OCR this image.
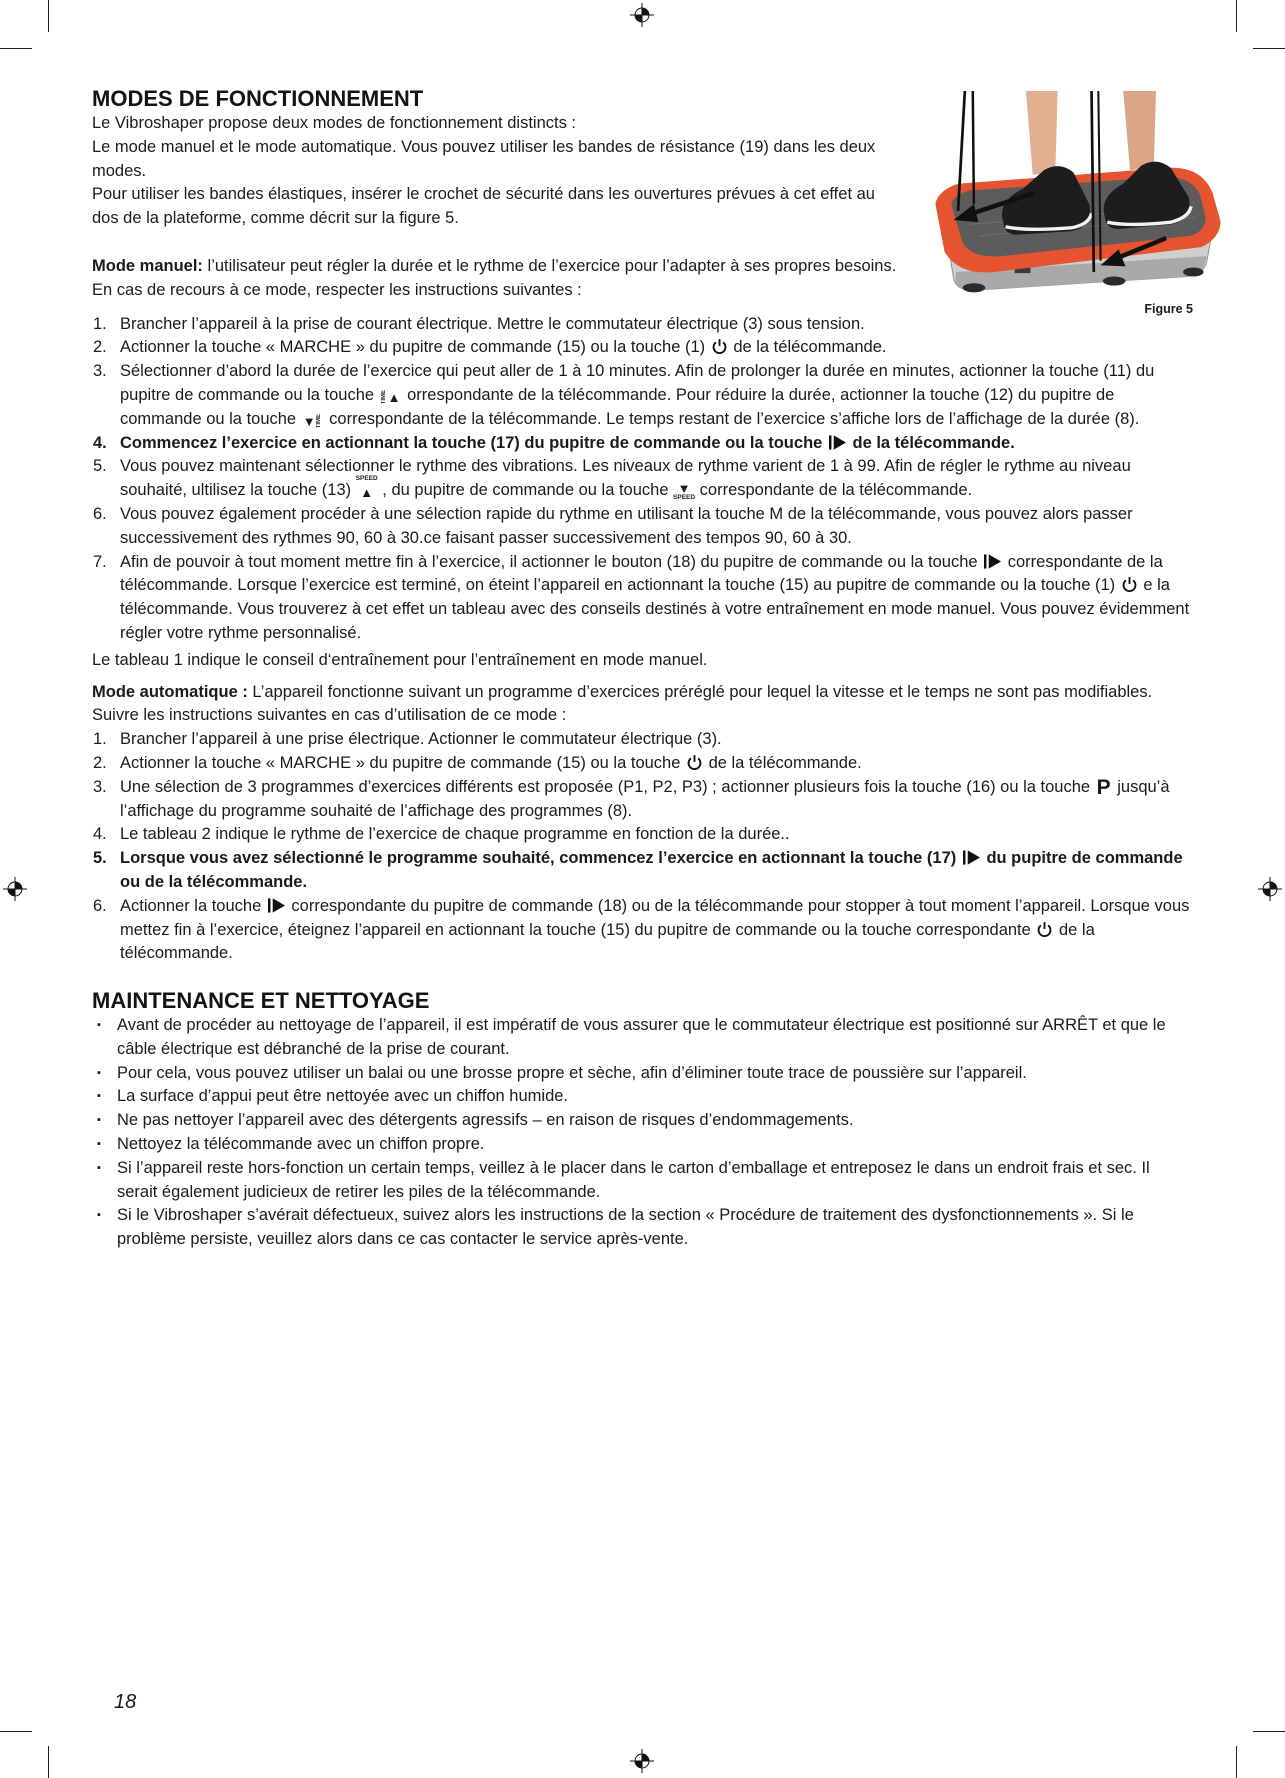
Figure 5
MODES DE FONCTIONNEMENT

Le Vibroshaper propose deux modes de fonctionnement distincts :

Le mode manuel et le mode automatique. Vous pouvez utiliser les bandes de résistance (19) dans les deux modes.

Pour utiliser les bandes élastiques, insérer le crochet de sécurité dans les ouvertures prévues à cet effet au dos de la plateforme, comme décrit sur la figure 5.

Mode manuel: l’utilisateur peut régler la durée et le rythme de l’exercice pour l’adapter à ses propres besoins. En cas de recours à ce mode, respecter les instructions suivantes :

1. Brancher l’appareil à la prise de courant électrique. Mettre le commutateur électrique (3) sous tension.
2. Actionner la touche « MARCHE » du pupitre de commande (15) ou la touche (1)
de la télécommande.
3. Sélectionner d’abord la durée de l’exercice qui peut aller de 1 à 10 minutes. Afin de prolonger la durée en minutes, actionner la touche (11) du pupitre de commande ou la touche TIME▲ orrespondante de la télécommande. Pour réduire la durée, actionner la touche (12) du pupitre de commande ou la touche ▼TIME correspondante de la télécommande. Le temps restant de l’exercice s’affiche lors de l’affichage de la durée (8).
4. Commencez l’exercice en actionnant la touche (17) du pupitre de commande ou la touche
de la télécommande.
5. Vous pouvez maintenant sélectionner le rythme des vibrations. Les niveaux de rythme varient de 1 à 99. Afin de régler le rythme au niveau souhaité, ultilisez la touche (13)
SPEED
▲ , du pupitre de commande ou la touche ▼
SPEED correspondante de la télécommande.
6. Vous pouvez également procéder à une sélection rapide du rythme en utilisant la touche M de la télécommande, vous pouvez alors passer successivement des rythmes 90, 60 à 30.ce faisant passer successivement des tempos 90, 60 à 30.
7. Afin de pouvoir à tout moment mettre fin à l’exercice, il actionner le bouton (18) du pupitre de commande ou la touche
correspondante de la télécommande. Lorsque l’exercice est terminé, on éteint l’appareil en actionnant la touche (15) au pupitre de commande ou la touche (1)
e la télécommande. Vous trouverez à cet effet un tableau avec des conseils destinés à votre entraînement en mode manuel. Vous pouvez évidemment régler votre rythme personnalisé.

Le tableau 1 indique le conseil d‘entraînement pour l’entraînement en mode manuel.

Mode automatique : L’appareil fonctionne suivant un programme d’exercices préréglé pour lequel la vitesse et le temps ne sont pas modifiables. Suivre les instructions suivantes en cas d’utilisation de ce mode :

1. Brancher l’appareil à une prise électrique. Actionner le commutateur électrique (3).
2. Actionner la touche « MARCHE » du pupitre de commande (15) ou la touche
de la télécommande.
3. Une sélection de 3 programmes d’exercices différents est proposée (P1, P2, P3) ; actionner plusieurs fois la touche (16) ou la touche P jusqu’à l’affichage du programme souhaité de l’affichage des programmes (8).
4. Le tableau 2 indique le rythme de l’exercice de chaque programme en fonction de la durée..
5. Lorsque vous avez sélectionné le programme souhaité, commencez l’exercice en actionnant la touche (17)
du pupitre de commande ou de la télécommande.
6. Actionner la touche
correspondante du pupitre de commande (18) ou de la télécommande pour stopper à tout moment l’appareil. Lorsque vous mettez fin à l’exercice, éteignez l’appareil en actionnant la touche (15) du pupitre de commande ou la touche correspondante
de la télécommande.
MAINTENANCE ET NETTOYAGE
▪ Avant de procéder au nettoyage de l’appareil, il est impératif de vous assurer que le commutateur électrique est positionné sur ARRÊT et que le câble électrique est débranché de la prise de courant.
▪ Pour cela, vous pouvez utiliser un balai ou une brosse propre et sèche, afin d’éliminer toute trace de poussière sur l’appareil.
▪ La surface d’appui peut être nettoyée avec un chiffon humide.
▪ Ne pas nettoyer l’appareil avec des détergents agressifs – en raison de risques d’endommagements.
▪ Nettoyez la télécommande avec un chiffon propre.
▪ Si l’appareil reste hors-fonction un certain temps, veillez à le placer dans le carton d’emballage et entreposez le dans un endroit frais et sec. Il serait également judicieux de retirer les piles de la télécommande.
▪ Si le Vibroshaper s’avérait défectueux, suivez alors les instructions de la section « Procédure de traitement des dysfonctionnements ». Si le problème persiste, veuillez alors dans ce cas contacter le service après-vente.
18
